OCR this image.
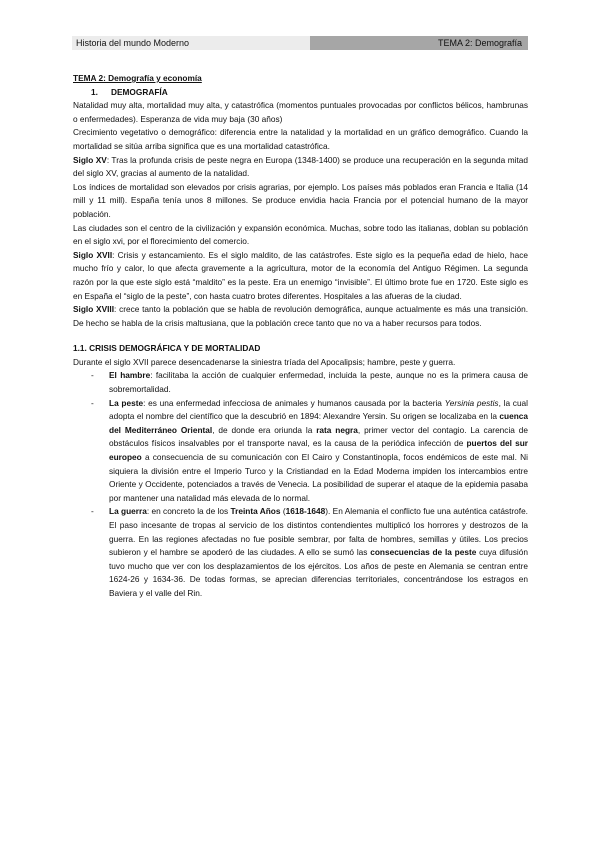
Historia del mundo Moderno	TEMA 2: Demografía

TEMA 2: Demografía y economía

1. DEMOGRAFÍA

Natalidad muy alta, mortalidad muy alta, y catastrófica (momentos puntuales provocadas por conflictos bélicos, hambrunas o enfermedades). Esperanza de vida muy baja (30 años)

Crecimiento vegetativo o demográfico: diferencia entre la natalidad y la mortalidad en un gráfico demográfico. Cuando la mortalidad se sitúa arriba significa que es una mortalidad catastrófica.

Siglo XV: Tras la profunda crisis de peste negra en Europa (1348-1400) se produce una recuperación en la segunda mitad del siglo XV, gracias al aumento de la natalidad.

Los índices de mortalidad son elevados por crisis agrarias, por ejemplo. Los países más poblados eran Francia e Italia (14 mill y 11 mill). España tenía unos 8 millones. Se produce envidia hacia Francia por el potencial humano de la mayor población.

Las ciudades son el centro de la civilización y expansión económica. Muchas, sobre todo las italianas, doblan su población en el siglo xvi, por el florecimiento del comercio.

Siglo XVII: Crisis y estancamiento. Es el siglo maldito, de las catástrofes. Este siglo es la pequeña edad de hielo, hace mucho frío y calor, lo que afecta gravemente a la agricultura, motor de la economía del Antiguo Régimen. La segunda razón por la que este siglo está “maldito” es la peste. Era un enemigo “invisible”. El último brote fue en 1720. Este siglo es en España el “siglo de la peste”, con hasta cuatro brotes diferentes. Hospitales a las afueras de la ciudad.

Siglo XVIII: crece tanto la población que se habla de revolución demográfica, aunque actualmente es más una transición. De hecho se habla de la crisis maltusiana, que la población crece tanto que no va a haber recursos para todos.

1.1. CRISIS DEMOGRÁFICA Y DE MORTALIDAD

Durante el siglo XVII parece desencadenarse la siniestra tríada del Apocalipsis; hambre, peste y guerra.

- El hambre: facilitaba la acción de cualquier enfermedad, incluida la peste, aunque no es la primera causa de sobremortalidad.
- La peste: es una enfermedad infecciosa de animales y humanos causada por la bacteria Yersinia pestis, la cual adopta el nombre del científico que la descubrió en 1894: Alexandre Yersin. Su origen se localizaba en la cuenca del Mediterráneo Oriental, de donde era oriunda la rata negra, primer vector del contagio. La carencia de obstáculos físicos insalvables por el transporte naval, es la causa de la periódica infección de puertos del sur europeo a consecuencia de su comunicación con El Cairo y Constantinopla, focos endémicos de este mal. Ni siquiera la división entre el Imperio Turco y la Cristiandad en la Edad Moderna impiden los intercambios entre Oriente y Occidente, potenciados a través de Venecia. La posibilidad de superar el ataque de la epidemia pasaba por mantener una natalidad más elevada de lo normal.
- La guerra: en concreto la de los Treinta Años (1618-1648). En Alemania el conflicto fue una auténtica catástrofe. El paso incesante de tropas al servicio de los distintos contendientes multiplicó los horrores y destrozos de la guerra. En las regiones afectadas no fue posible sembrar, por falta de hombres, semillas y útiles. Los precios subieron y el hambre se apoderó de las ciudades. A ello se sumó las consecuencias de la peste cuya difusión tuvo mucho que ver con los desplazamientos de los ejércitos. Los años de peste en Alemania se centran entre 1624-26 y 1634-36. De todas formas, se aprecian diferencias territoriales, concentrándose los estragos en Baviera y el valle del Rin.
